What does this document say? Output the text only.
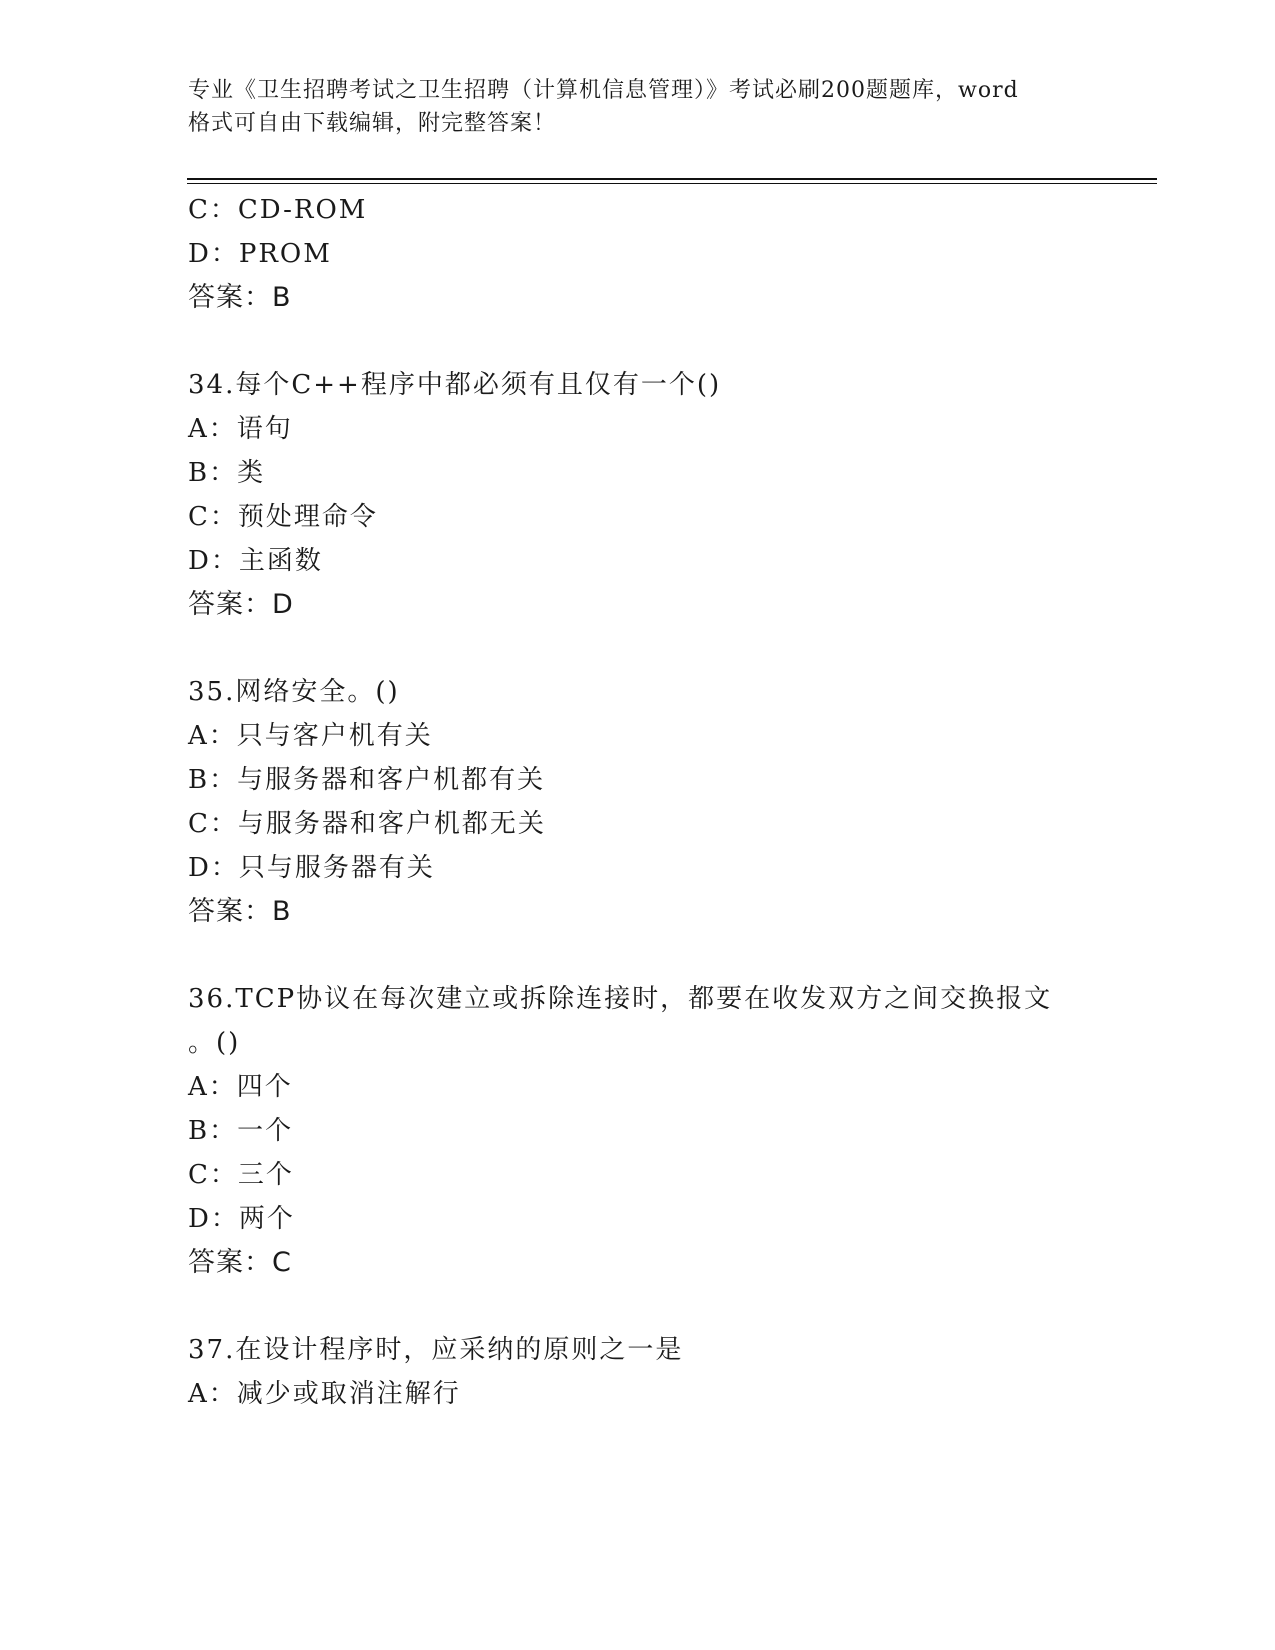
专业《卫生招聘考试之卫生招聘（计算机信息管理）》考试必刷200题题库，word
格式可自由下载编辑，附完整答案！
C：CD-ROM
D：PROM
答案：B
34.每个C++程序中都必须有且仅有一个()
A：语句
B：类
C：预处理命令
D：主函数
答案：D
35.网络安全。()
A：只与客户机有关
B：与服务器和客户机都有关
C：与服务器和客户机都无关
D：只与服务器有关
答案：B
36.TCP协议在每次建立或拆除连接时，都要在收发双方之间交换报文
。()
A：四个
B：一个
C：三个
D：两个
答案：C
37.在设计程序时，应采纳的原则之一是
A：减少或取消注解行
